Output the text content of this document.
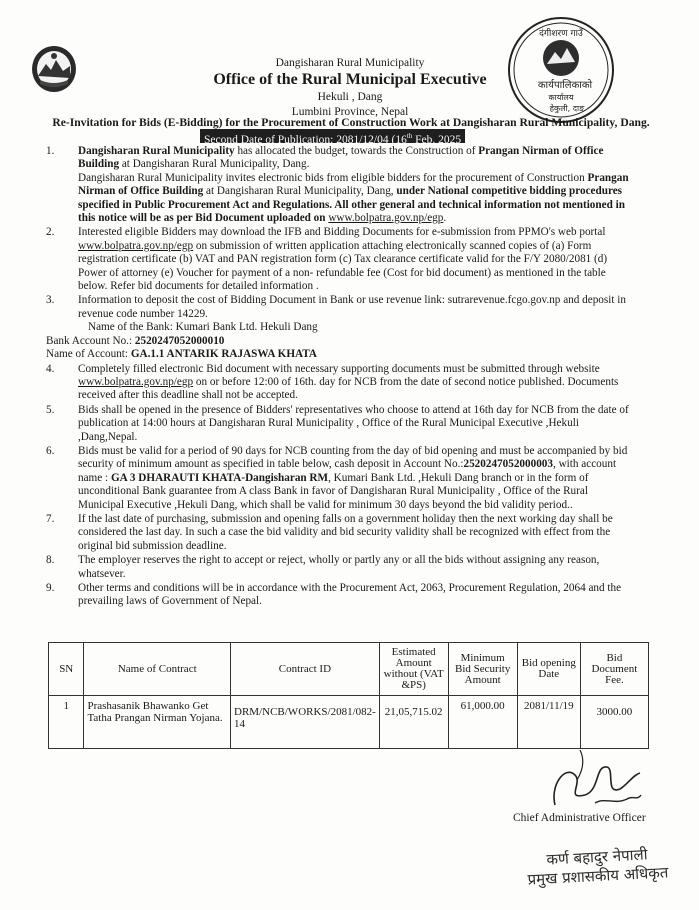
दंगीशरण गाउँ
कार्यपालिकाको
कार्यालय
हेकुली, दाङ
Dangisharan Rural Municipality
Office of the Rural Municipal Executive
Hekuli , Dang
Lumbini Province, Nepal
Re-Invitation for Bids (E-Bidding) for the Procurement of Construction Work at Dangisharan Rural Municipality, Dang.
Second Date of Publication: 2081/12/04 (16th Feb. 2025
1.	Dangisharan Rural Municipality has allocated the budget, towards the Construction of Prangan Nirman of Office Building at Dangisharan Rural Municipality, Dang.

Dangisharan Rural Municipality invites electronic bids from eligible bidders for the procurement of Construction Prangan Nirman of Office Building at Dangisharan Rural Municipality, Dang, under National competitive bidding procedures specified in Public Procurement Act and Regulations. All other general and technical information not mentioned in this notice will be as per Bid Document uploaded on www.bolpatra.gov.np/egp.

2.	Interested eligible Bidders may download the IFB and Bidding Documents for e-submission from PPMO's web portal www.bolpatra.gov.np/egp on submission of written application attaching electronically scanned copies of (a) Form registration certificate (b) VAT and PAN registration form (c) Tax clearance certificate valid for the F/Y 2080/2081 (d) Power of attorney (e) Voucher for payment of a non- refundable fee (Cost for bid document) as mentioned in the table below. Refer bid documents for detailed information .

3.	Information to deposit the cost of Bidding Document in Bank or use revenue link: sutrarevenue.fcgo.gov.np and deposit in revenue code number 14229.

Name of the Bank: Kumari Bank Ltd. Hekuli Dang

Bank Account No.: 2520247052000010

Name of Account: GA.1.1 ANTARIK RAJASWA KHATA

4.	Completely filled electronic Bid document with necessary supporting documents must be submitted through website www.bolpatra.gov.np/egp on or before 12:00 of 16th. day for NCB from the date of second notice published. Documents received after this deadline shall not be accepted.

5.	Bids shall be opened in the presence of Bidders' representatives who choose to attend at 16th day for NCB from the date of publication at 14:00 hours at Dangisharan Rural Municipality , Office of the Rural Municipal Executive ,Hekuli ,Dang,Nepal.

6.	Bids must be valid for a period of 90 days for NCB counting from the day of bid opening and must be accompanied by bid security of minimum amount as specified in table below, cash deposit in Account No.:2520247052000003, with account name : GA 3 DHARAUTI KHATA-Dangisharan RM, Kumari Bank Ltd. ,Hekuli Dang branch or in the form of unconditional Bank guarantee from A class Bank in favor of Dangisharan Rural Municipality , Office of the Rural Municipal Executive ,Hekuli Dang, which shall be valid for minimum 30 days beyond the bid validity period..

7.	If the last date of purchasing, submission and opening falls on a government holiday then the next working day shall be considered the last day. In such a case the bid validity and bid security validity shall be recognized with effect from the original bid submission deadline.

8.	The employer reserves the right to accept or reject, wholly or partly any or all the bids without assigning any reason, whatsever.

9.	Other terms and conditions will be in accordance with the Procurement Act, 2063, Procurement Regulation, 2064 and the prevailing laws of Government of Nepal.

SN	Name of Contract	Contract ID	Estimated Amount without (VAT &PS)	Minimum Bid Security Amount	Bid opening Date	Bid Document Fee.
1	Prashasanik Bhawanko Get Tatha Prangan Nirman Yojana.	DRM/NCB/WORKS/2081/082-14	21,05,715.02	61,000.00	2081/11/19	3000.00
Chief Administrative Officer
कर्ण बहादुर नेपाली
प्रमुख प्रशासकीय अधिकृत
